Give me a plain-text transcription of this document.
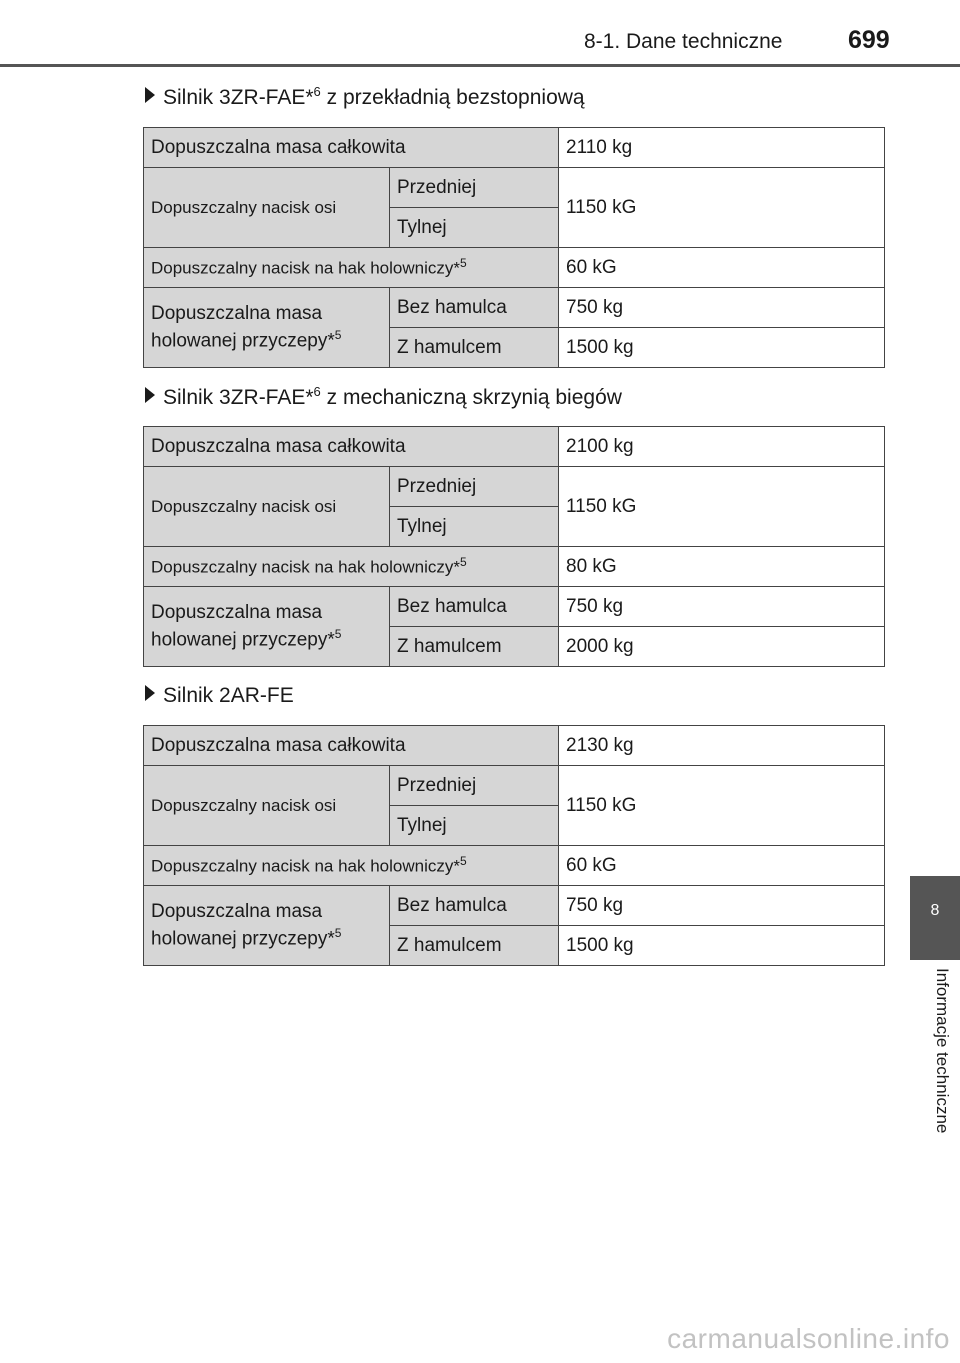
8-1. Dane techniczne	699
Silnik 3ZR-FAE*$^6$ z przekładnią bezstopniową
Dopuszczalna masa całkowita		2110 kg
Dopuszczalny nacisk osi	Przedniej	1150 kG
	Tylnej	
Dopuszczalny nacisk na hak holowniczy*$^5$		60 kG
Dopuszczalna masa
holowanej przyczepy*$^5$	Bez hamulca	750 kg
	Z hamulcem	1500 kg
Silnik 3ZR-FAE*$^6$ z mechaniczną skrzynią biegów
Dopuszczalna masa całkowita		2100 kg
Dopuszczalny nacisk osi	Przedniej	1150 kG
	Tylnej	
Dopuszczalny nacisk na hak holowniczy*$^5$		80 kG
Dopuszczalna masa
holowanej przyczepy*$^5$	Bez hamulca	750 kg
	Z hamulcem	2000 kg
Silnik 2AR-FE
Dopuszczalna masa całkowita		2130 kg
Dopuszczalny nacisk osi	Przedniej	1150 kG
	Tylnej	
Dopuszczalny nacisk na hak holowniczy*$^5$		60 kG
Dopuszczalna masa
holowanej przyczepy*$^5$	Bez hamulca	750 kg
	Z hamulcem	1500 kg
8
Informacje techniczne
carmanualsonline.info
